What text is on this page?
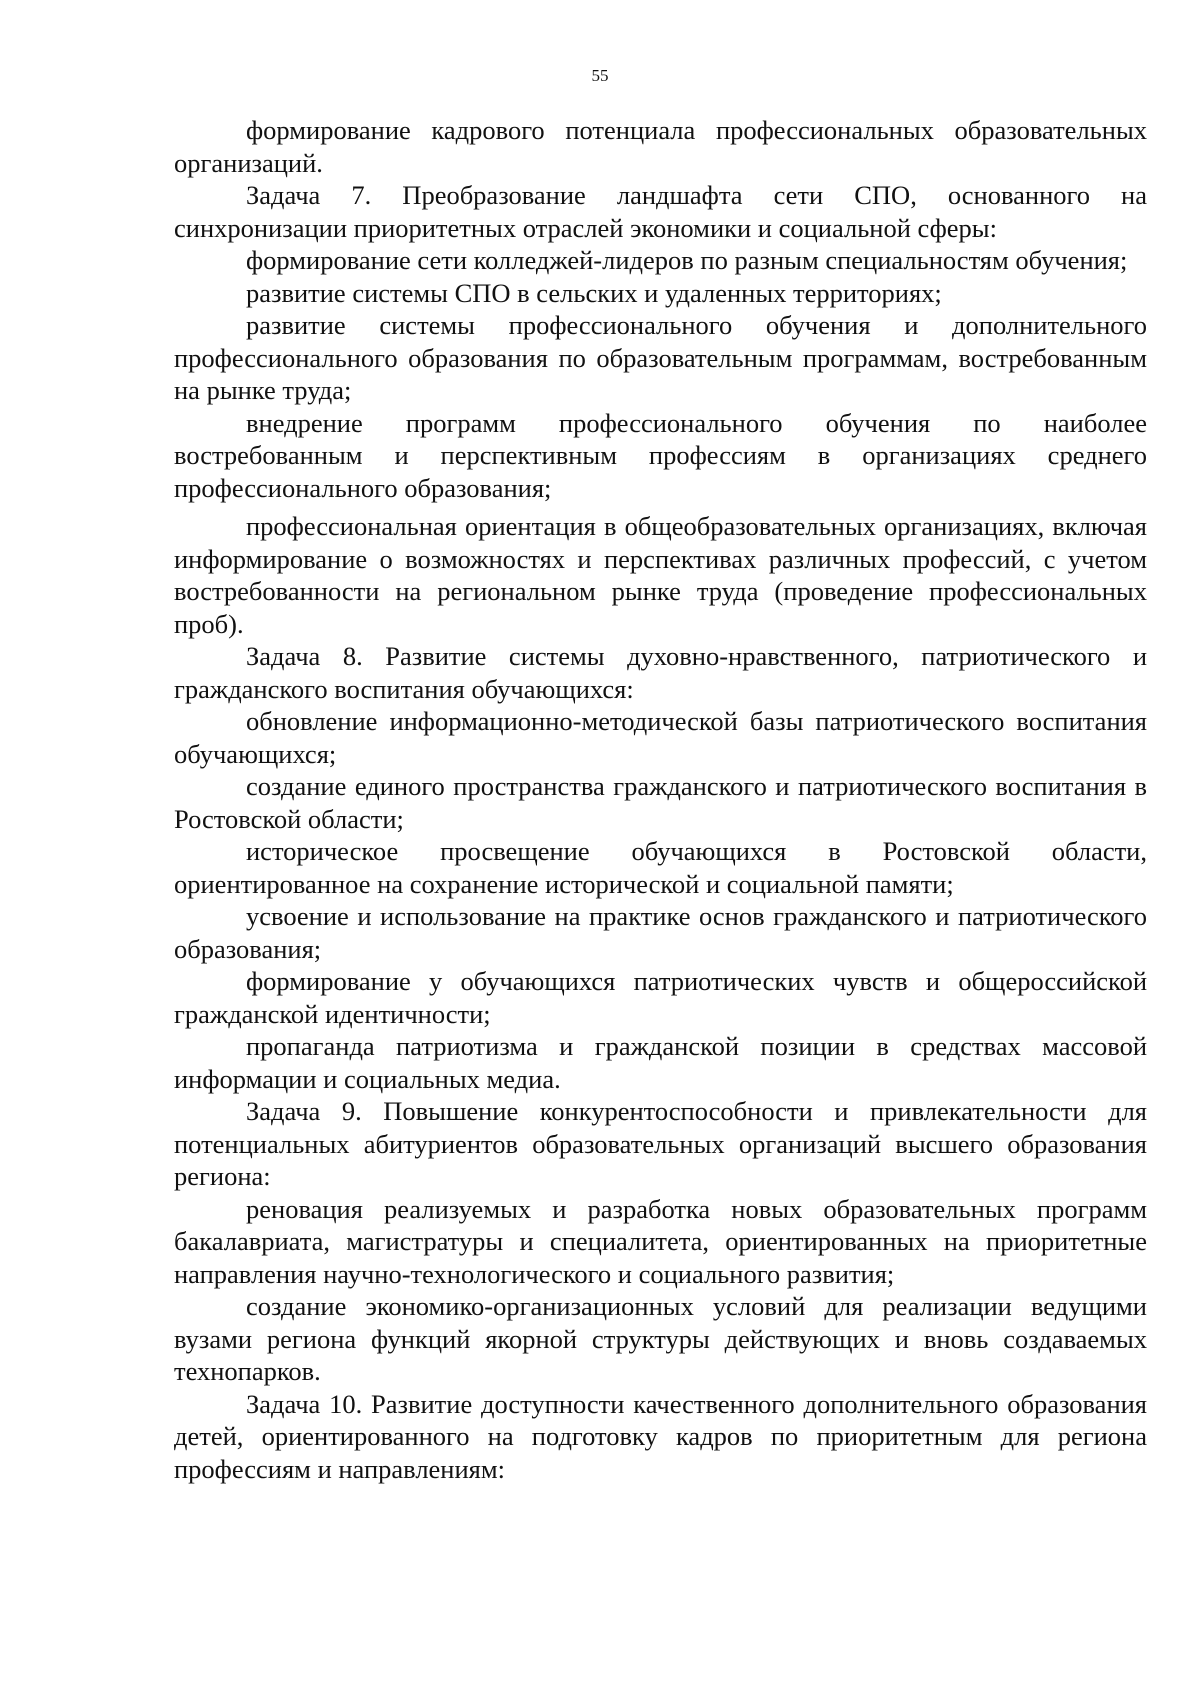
55

формирование кадрового потенциала профессиональных образовательных организаций.

Задача 7. Преобразование ландшафта сети СПО, основанного на синхронизации приоритетных отраслей экономики и социальной сферы:

формирование сети колледжей-лидеров по разным специальностям обучения;

развитие системы СПО в сельских и удаленных территориях;

развитие системы профессионального обучения и дополнительного профессионального образования по образовательным программам, востребованным на рынке труда;

внедрение программ профессионального обучения по наиболее востребованным и перспективным профессиям в организациях среднего профессионального образования;

профессиональная ориентация в общеобразовательных организациях, включая информирование о возможностях и перспективах различных профессий, с учетом востребованности на региональном рынке труда (проведение профессиональных проб).

Задача 8. Развитие системы духовно-нравственного, патриотического и гражданского воспитания обучающихся:

обновление информационно-методической базы патриотического воспитания обучающихся;

создание единого пространства гражданского и патриотического воспитания в Ростовской области;

историческое просвещение обучающихся в Ростовской области, ориентированное на сохранение исторической и социальной памяти;

усвоение и использование на практике основ гражданского и патриотического образования;

формирование у обучающихся патриотических чувств и общероссийской гражданской идентичности;

пропаганда патриотизма и гражданской позиции в средствах массовой информации и социальных медиа.

Задача 9. Повышение конкурентоспособности и привлекательности для потенциальных абитуриентов образовательных организаций высшего образования региона:

реновация реализуемых и разработка новых образовательных программ бакалавриата, магистратуры и специалитета, ориентированных на приоритетные направления научно-технологического и социального развития;

создание экономико-организационных условий для реализации ведущими вузами региона функций якорной структуры действующих и вновь создаваемых технопарков.

Задача 10. Развитие доступности качественного дополнительного образования детей, ориентированного на подготовку кадров по приоритетным для региона профессиям и направлениям:
